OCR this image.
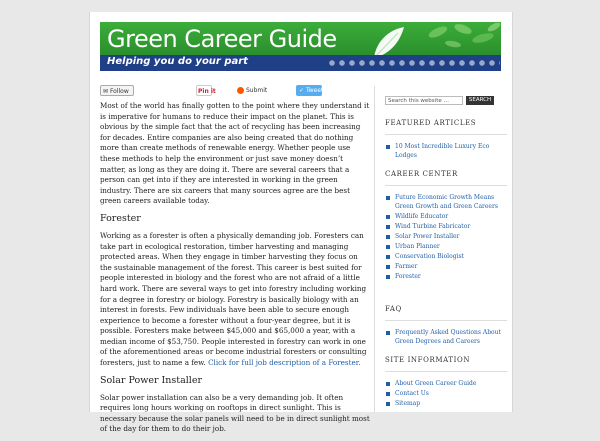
Green Career Guide
Helping you do your part
✉ Follow	Pin it	Submit	✓ Tweet

Most of the world has finally gotten to the point where they understand it is imperative for humans to reduce their impact on the planet. This is obvious by the simple fact that the act of recycling has been increasing for decades. Entire companies are also being created that do nothing more than create methods of renewable energy. Whether people use these methods to help the environment or just save money doesn’t matter, as long as they are doing it. There are several careers that a person can get into if they are interested in working in the green industry. There are six careers that many sources agree are the best green careers available today.

Forester

Working as a forester is often a physically demanding job. Foresters can take part in ecological restoration, timber harvesting and managing protected areas. When they engage in timber harvesting they focus on the sustainable management of the forest. This career is best suited for people interested in biology and the forest who are not afraid of a little hard work. There are several ways to get into forestry including working for a degree in forestry or biology. Forestry is basically biology with an interest in forests. Few individuals have been able to secure enough experience to become a forester without a four-year degree, but it is possible. Foresters make between $45,000 and $65,000 a year, with a median income of $53,750. People interested in forestry can work in one of the aforementioned areas or become industrial foresters or consulting foresters, just to name a few. Click for full job description of a Forester.

Solar Power Installer

Solar power installation can also be a very demanding job. It often requires long hours working on rooftops in direct sunlight. This is necessary because the solar panels will need to be in direct sunlight most of the day for them to do their job.

Search this website …	SEARCH
FEATURED ARTICLES
10 Most Incredible Luxury Eco Lodges
CAREER CENTER
Future Economic Growth Means Green Growth and Green Careers
Wildlife Educator
Wind Turbine Fabricator
Solar Power Installer
Urban Planner
Conservation Biologist
Farmer
Forester
FAQ
Frequently Asked Questions About Green Degrees and Careers
SITE INFORMATION
About Green Career Guide
Contact Us
Sitemap
